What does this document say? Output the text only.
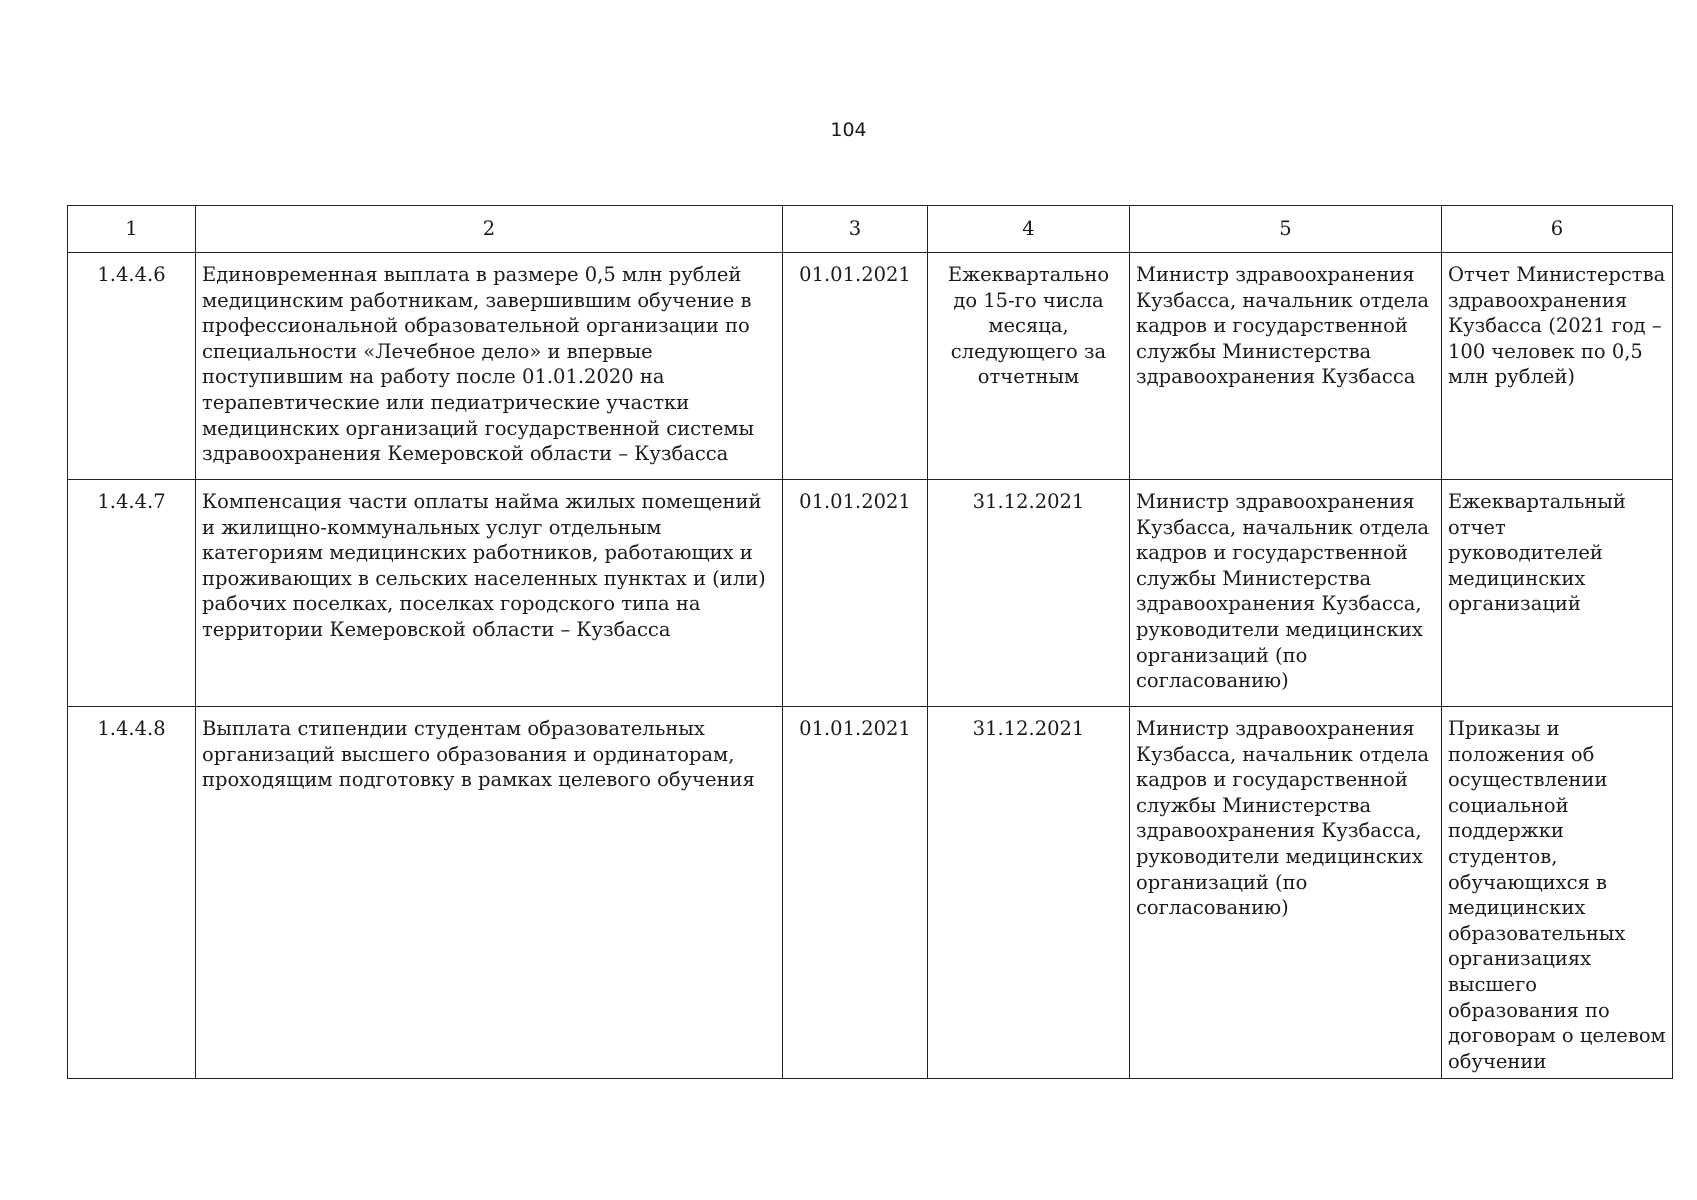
104
1	2	3	4	5	6
1.4.4.6	Единовременная выплата в размере 0,5 млн рублей медицинским работникам, завершившим обучение в профессиональной образовательной организации по специальности «Лечебное дело» и впервые поступившим на работу после 01.01.2020 на терапевтические или педиатрические участки медицинских организаций государственной системы здравоохранения Кемеровской области – Кузбасса	01.01.2021	Ежеквартально до 15-го числа месяца, следующего за отчетным	Министр здравоохранения Кузбасса, начальник отдела кадров и государственной службы Министерства здравоохранения Кузбасса	Отчет Министерства здравоохранения Кузбасса (2021 год – 100 человек по 0,5 млн рублей)
1.4.4.7	Компенсация части оплаты найма жилых помещений и жилищно-коммунальных услуг отдельным категориям медицинских работников, работающих и проживающих в сельских населенных пунктах и (или) рабочих поселках, поселках городского типа на территории Кемеровской области – Кузбасса	01.01.2021	31.12.2021	Министр здравоохранения Кузбасса, начальник отдела кадров и государственной службы Министерства здравоохранения Кузбасса, руководители медицинских организаций (по согласованию)	Ежеквартальный отчет руководителей медицинских организаций
1.4.4.8	Выплата стипендии студентам образовательных организаций высшего образования и ординаторам, проходящим подготовку в рамках целевого обучения	01.01.2021	31.12.2021	Министр здравоохранения Кузбасса, начальник отдела кадров и государственной службы Министерства здравоохранения Кузбасса, руководители медицинских организаций (по согласованию)	Приказы и положения об осуществлении социальной поддержки студентов, обучающихся в медицинских образовательных организациях высшего образования по договорам о целевом обучении
